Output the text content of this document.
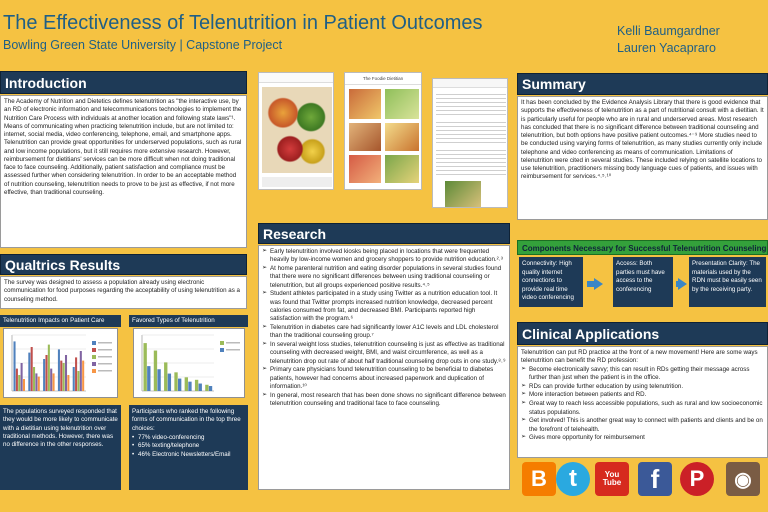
The Effectiveness of Telenutrition in Patient Outcomes
Bowling Green State University | Capstone Project
Kelli Baumgardner
Lauren Yacapraro
Introduction
The Academy of Nutrition and Dietetics defines telenutrition as "the interactive use, by an RD of electronic information and telecommunications technologies to implement the Nutrition Care Process with individuals at another location and following state laws"¹. Means of communicating when practicing telenutrition include, but are not limited to: internet, social media, video conferencing, telephone, email, and smartphone apps. Telenutrition can provide great opportunities for underserved populations, such as rural and low income populations, but it still requires more extensive research. However, reimbursement for dietitians' services can be more difficult when not doing traditional face to face counseling. Additionally, patient satisfaction and compliance must be assessed further when considering telenutrition. In order to be an acceptable method of nutrition counseling, telenutrition needs to prove to be just as effective, if not more effective, than traditional counseling.
Qualtrics Results
The survey was designed to assess a population already using electronic communication for food purposes regarding the acceptability of using telenutrition as a counseling method.
Telenutrition Impacts on Patient Care
The populations surveyed responded that they would be more likely to communicate with a dietitian using telenutrition over traditional methods. However, there was no difference in the other responses.
Favored Types of Telenutrition
Participants who ranked the following forms of communication in the top three choices:
• 77% video-conferencing
• 65% texting/telephone
• 46% Electronic Newsletters/Email
The Foodie Dietitian
Research
➢ Early telenutrition involved kiosks being placed in locations that were frequented heavily by low-income women and grocery shoppers to provide nutrition education.²˒³
➢ At home parenteral nutrition and eating disorder populations in several studies found that there were no significant differences between using traditional counseling or telenutrition, but all groups experienced positive results.⁴˒⁵
➢ Student athletes participated in a study using Twitter as a nutrition education tool. It was found that Twitter prompts increased nutrition knowledge, decreased percent calories consumed from fat, and decreased BMI. Participants reported high satisfaction with the program.⁶
➢ Telenutrition in diabetes care had significantly lower A1C levels and LDL cholesterol than the traditional counseling group.⁷
➢ In several weight loss studies, telenutrition counseling is just as effective as traditional counseling with decreased weight, BMI, and waist circumference, as well as a telenutrition drop out rate of about half traditional counseling drop outs in one study.⁸˒⁹
➢ Primary care physicians found telenutrition counseling to be beneficial to diabetes patients, however had concerns about increased paperwork and duplication of information.¹⁰
➢ In general, most research that has been done shows no significant difference between telenutrition counseling and traditional face to face counseling.
Summary
It has been concluded by the Evidence Analysis Library that there is good evidence that supports the effectiveness of telenutrition as a part of nutritional consult with a dietitian. It is particularly useful for people who are in rural and underserved areas. Most research has concluded that there is no significant difference between traditional counseling and telenutrition, but both options have positive patient outcomes.⁴⁻⁹ More studies need to be conducted using varying forms of telenutrition, as many studies currently only include telephone and video conferencing as means of communication. Limitations of telenutrition were cited in several studies. These included relying on satellite locations to use telenutrition, practitioners missing body language cues of patients, and issues with reimbursement for services.⁴˒⁵˒¹⁰
Components Necessary for Successful Telenutrition Counseling
Connectivity: High quality internet connections to provide real time video conferencing
Access: Both parties must have access to the conferencing
Presentation Clarity: The materials used by the RDN must be easily seen by the receiving party.
Clinical Applications
Telenutrition can put RD practice at the front of a new movement! Here are some ways telenutrition can benefit the RD profession:
➢ Become electronically savvy; this can result in RDs getting their message across further than just when the patient is in the office.
➢ RDs can provide further education by using telenutrition.
➢ More interaction between patients and RD.
➢ Great way to reach less accessible populations, such as rural and low socioeconomic status populations.
➢ Get involved! This is another great way to connect with patients and clients and be on the forefront of telehealth.
➢ Gives more opportunity for reimbursement
B t	You Tube f P ◉
